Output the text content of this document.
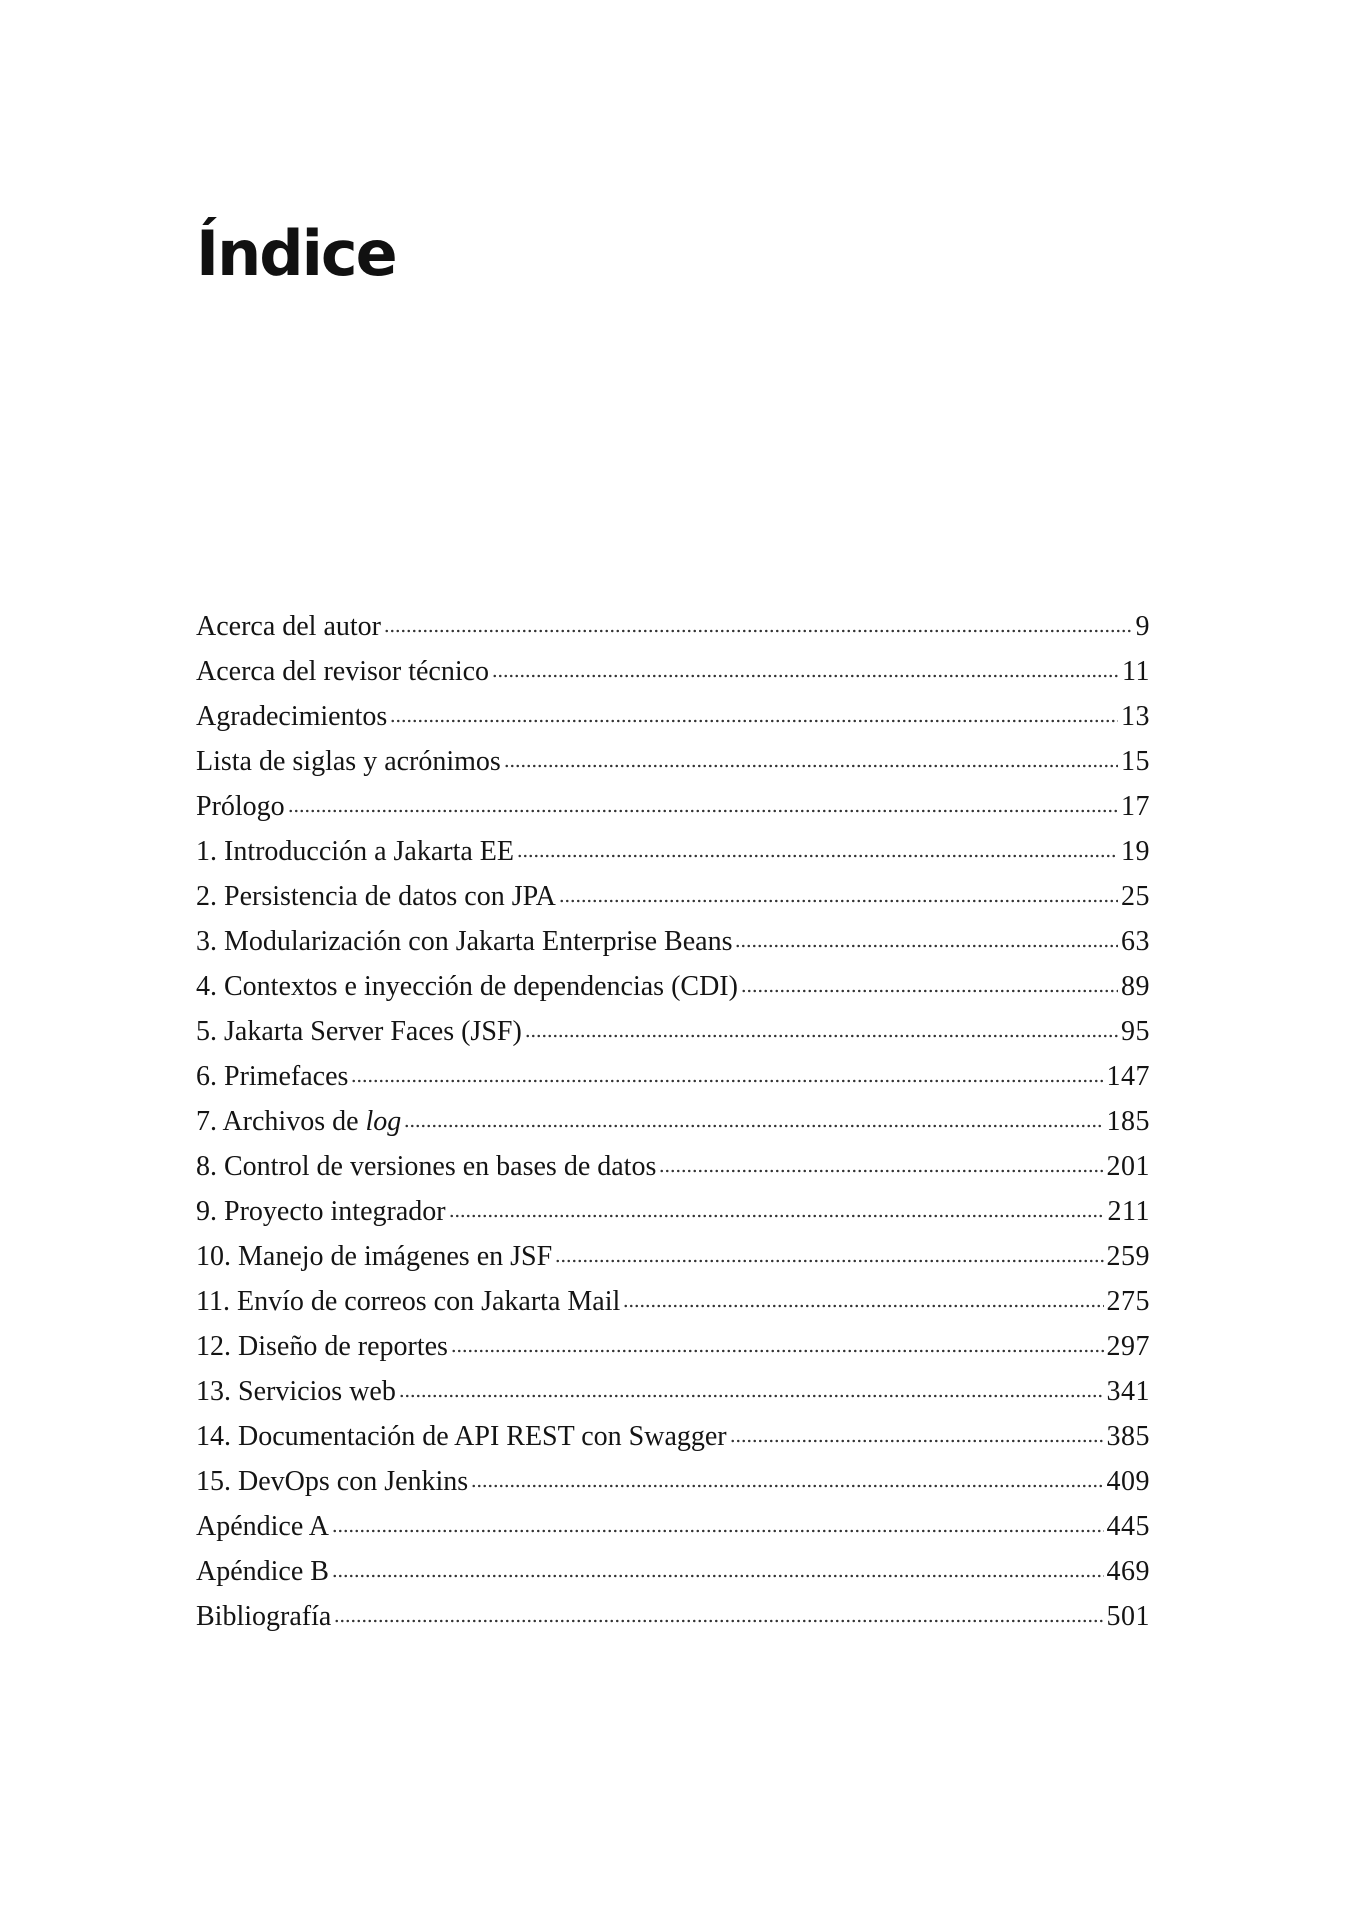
Índice
Acerca del autor	9
Acerca del revisor técnico	11
Agradecimientos	13
Lista de siglas y acrónimos	15
Prólogo	17
1. Introducción a Jakarta EE	19
2. Persistencia de datos con JPA	25
3. Modularización con Jakarta Enterprise Beans	63
4. Contextos e inyección de dependencias (CDI)	89
5. Jakarta Server Faces (JSF)	95
6. Primefaces	147
7. Archivos de log	185
8. Control de versiones en bases de datos	201
9. Proyecto integrador	211
10. Manejo de imágenes en JSF	259
11. Envío de correos con Jakarta Mail	275
12. Diseño de reportes	297
13. Servicios web	341
14. Documentación de API REST con Swagger	385
15. DevOps con Jenkins	409
Apéndice A	445
Apéndice B	469
Bibliografía	501
